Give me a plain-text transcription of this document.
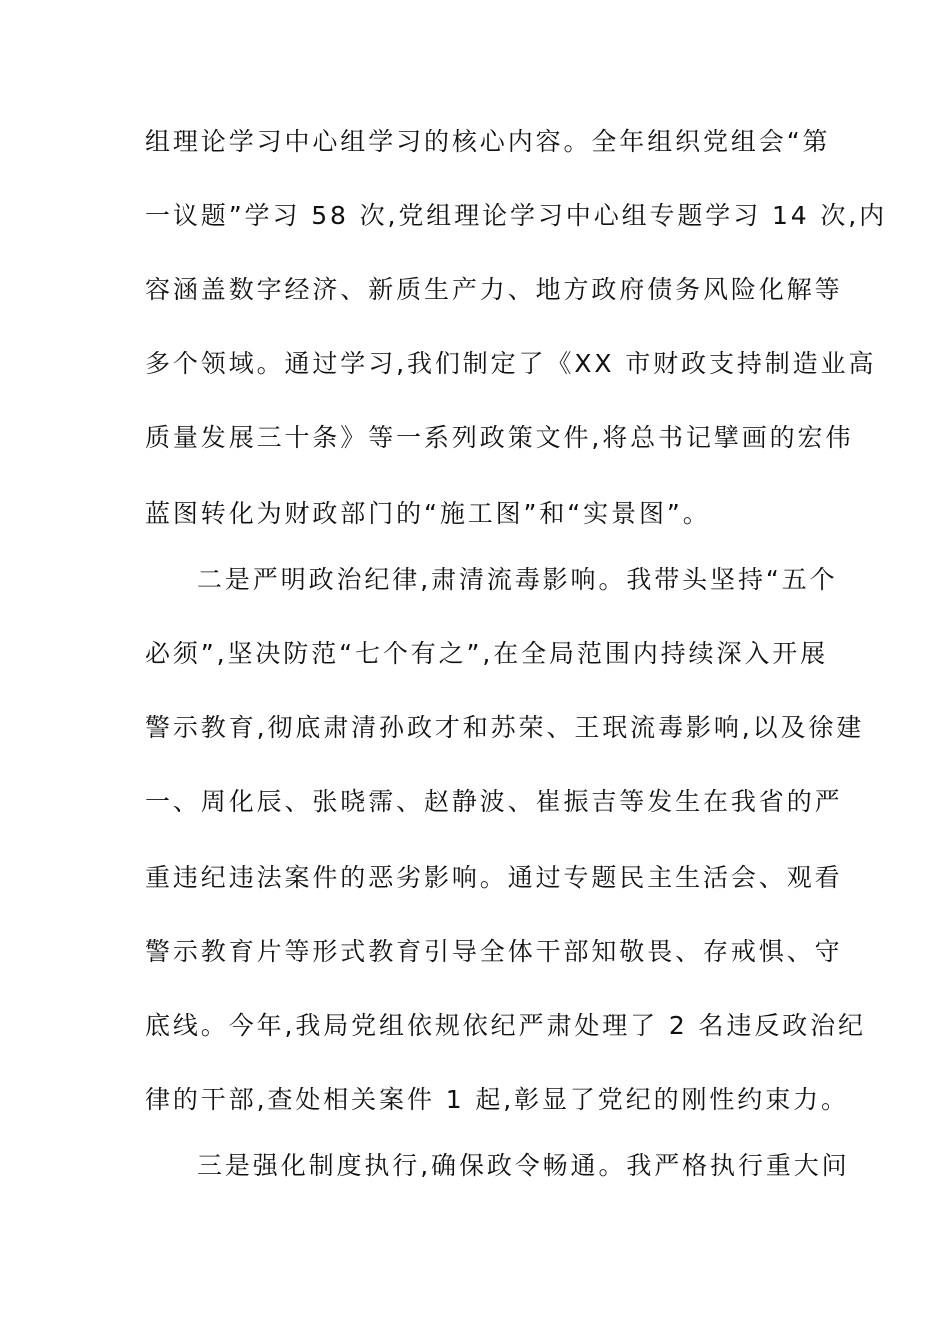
组理论学习中心组学习的核心内容。全年组织党组会“第
一议题”学习 58 次,党组理论学习中心组专题学习 14 次,内
容涵盖数字经济、新质生产力、地方政府债务风险化解等
多个领域。通过学习,我们制定了《XX 市财政支持制造业高
质量发展三十条》等一系列政策文件,将总书记擘画的宏伟
蓝图转化为财政部门的“施工图”和“实景图”。
二是严明政治纪律,肃清流毒影响。我带头坚持“五个
必须”,坚决防范“七个有之”,在全局范围内持续深入开展
警示教育,彻底肃清孙政才和苏荣、王珉流毒影响,以及徐建
一、周化辰、张晓霈、赵静波、崔振吉等发生在我省的严
重违纪违法案件的恶劣影响。通过专题民主生活会、观看
警示教育片等形式教育引导全体干部知敬畏、存戒惧、守
底线。今年,我局党组依规依纪严肃处理了 2 名违反政治纪
律的干部,查处相关案件 1 起,彰显了党纪的刚性约束力。
三是强化制度执行,确保政令畅通。我严格执行重大问
